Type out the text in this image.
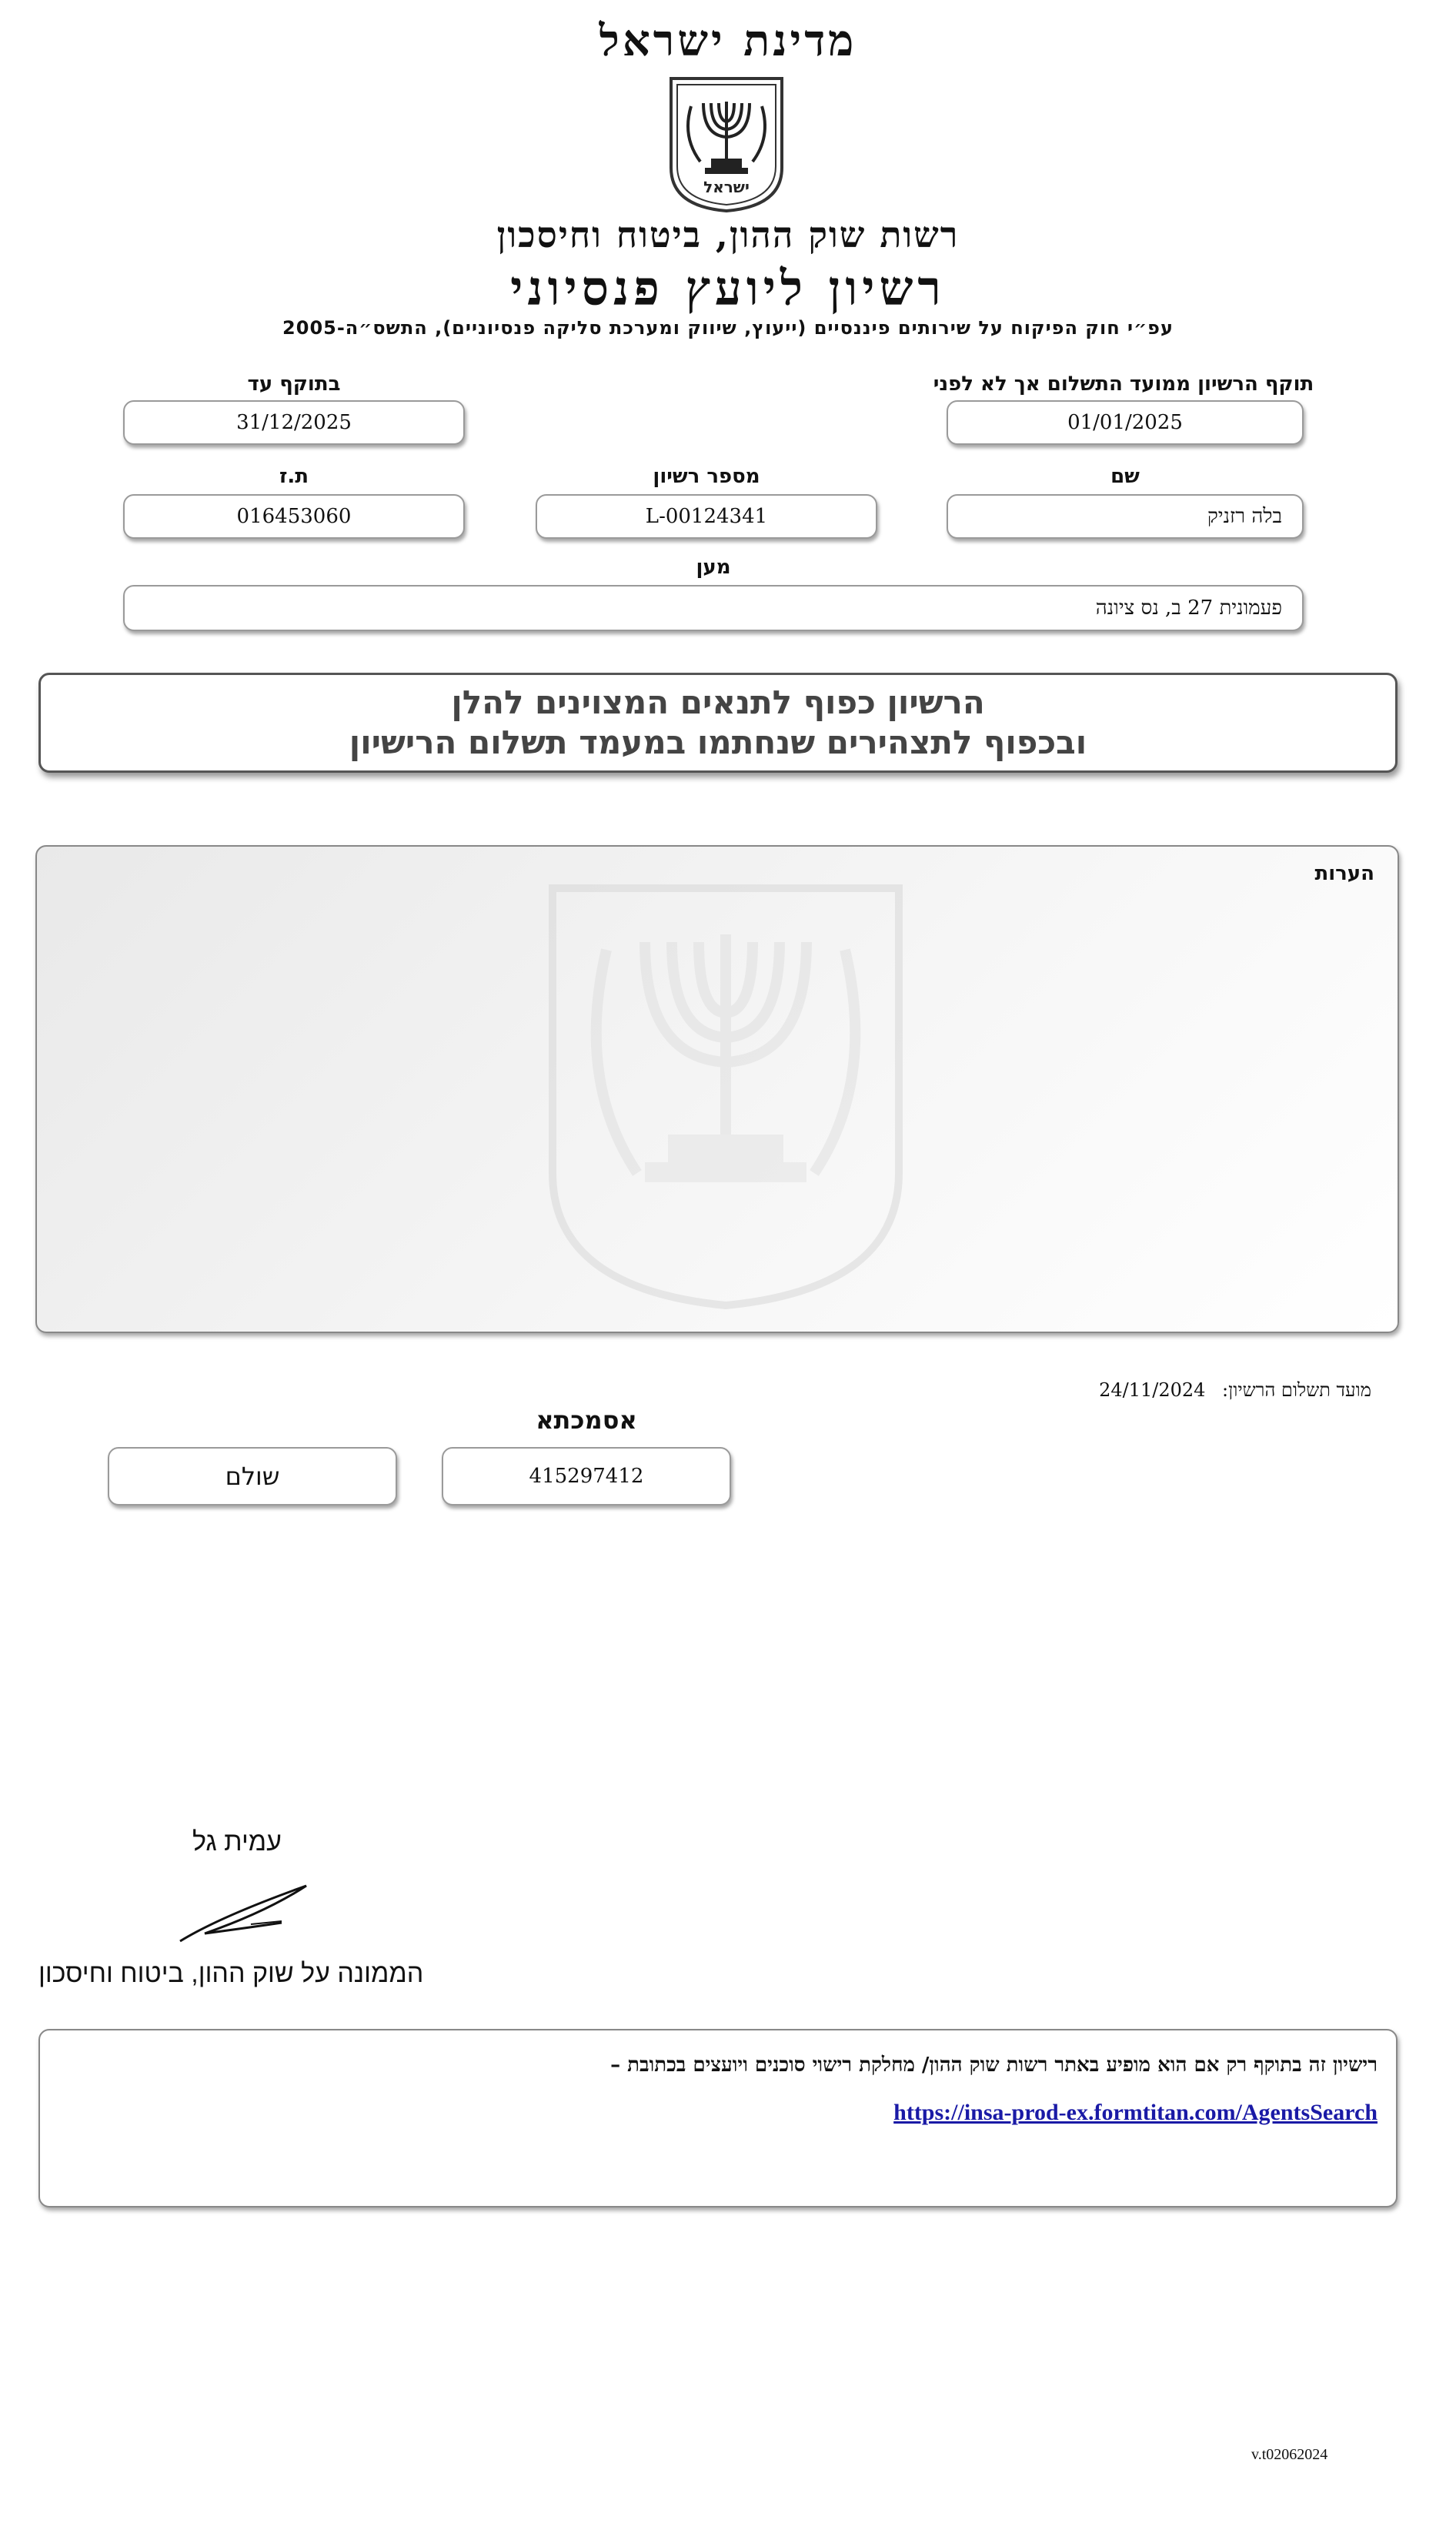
מדינת ישראל
ישראל
רשות שוק ההון, ביטוח וחיסכון
רשיון ליועץ פנסיוני
עפ״י חוק הפיקוח על שירותים פיננסיים (ייעוץ, שיווק ומערכת סליקה פנסיוניים), התשס״ה-2005
תוקף הרשיון ממועד התשלום אך לא לפני
01/01/2025
בתוקף עד
31/12/2025
שם
בלה רזניק
מספר רשיון
L-00124341
ת.ז
016453060
מען
פעמונית 27 ב, נס ציונה
הרשיון כפוף לתנאים המצוינים להלן
ובכפוף לתצהירים שנחתמו במעמד תשלום הרישיון
הערות
מועד תשלום הרשיון: 24/11/2024
אסמכתא
415297412
שולם
עמית גל
הממונה על שוק ההון, ביטוח וחיסכון
רישיון זה בתוקף רק אם הוא מופיע באתר רשות שוק ההון/ מחלקת רישוי סוכנים ויועצים בכתובת –
https://insa-prod-ex.formtitan.com/AgentsSearch
v.t02062024
